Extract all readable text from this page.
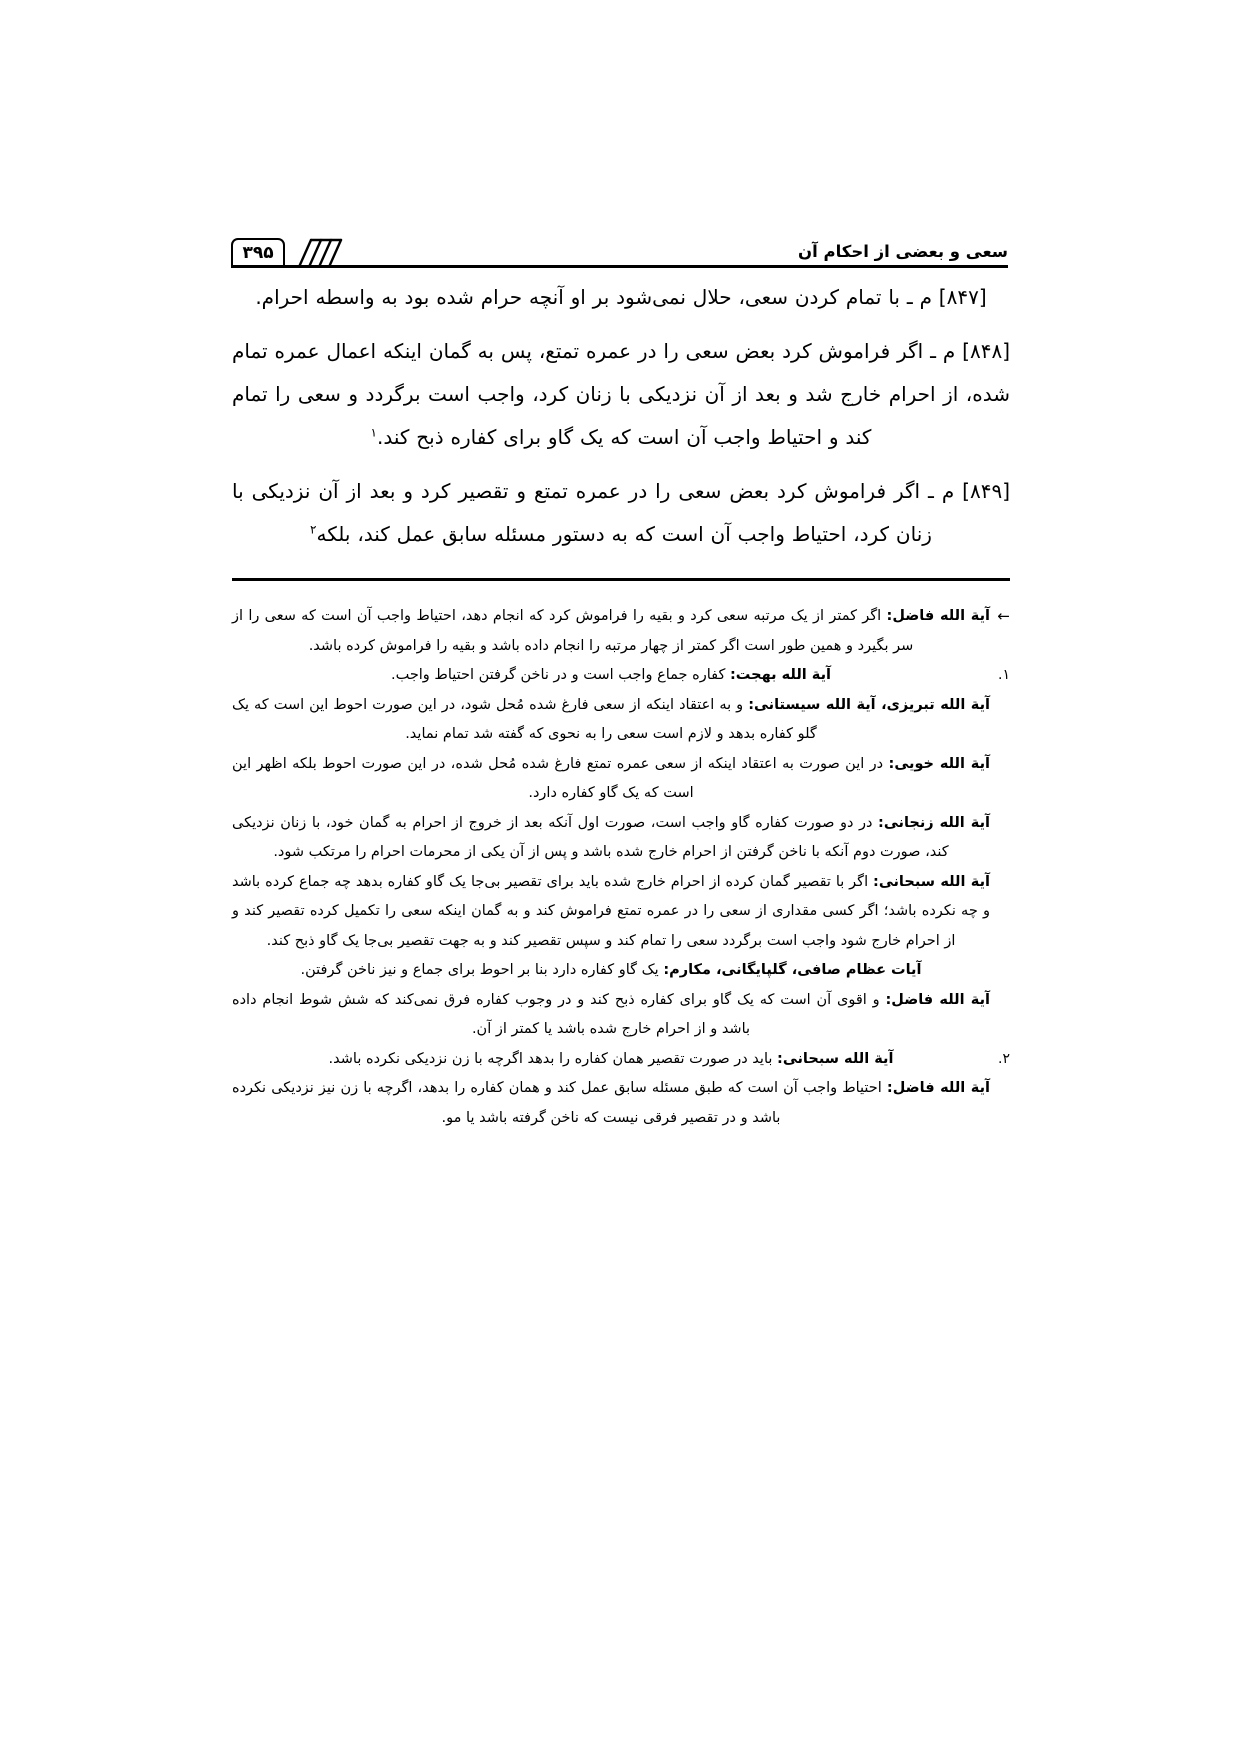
۳۹۵	سعی و بعضی از احکام آن

[۸۴۷] م ـ با تمام کردن سعی، حلال نمی‌شود بر او آنچه حرام شده بود به واسطه احرام.

[۸۴۸] م ـ اگر فراموش کرد بعض سعی را در عمره تمتع، پس به گمان اینکه اعمال عمره تمام شده، از احرام خارج شد و بعد از آن نزدیکی با زنان کرد، واجب است برگردد و سعی را تمام کند و احتیاط واجب آن است که یک گاو برای کفاره ذبح کند.$^۱$

[۸۴۹] م ـ اگر فراموش کرد بعض سعی را در عمره تمتع و تقصیر کرد و بعد از آن نزدیکی با زنان کرد، احتیاط واجب آن است که به دستور مسئله سابق عمل کند، بلکه$^۲$

←
آیة الله فاضل: اگر کمتر از یک مرتبه سعی کرد و بقیه را فراموش کرد که انجام دهد، احتیاط واجب آن است که سعی را از سر بگیرد و همین طور است اگر کمتر از چهار مرتبه را انجام داده باشد و بقیه را فراموش کرده باشد.
۱.
آیة الله بهجت: کفاره جماع واجب است و در ناخن گرفتن احتیاط واجب.
آیة الله تبریزی، آیة الله سیستانی: و به اعتقاد اینکه از سعی فارغ شده مُحل شود، در این صورت احوط این است که یک گلو کفاره بدهد و لازم است سعی را به نحوی که گفته شد تمام نماید.
آیة الله خویی: در این صورت به اعتقاد اینکه از سعی عمره تمتع فارغ شده مُحل شده، در این صورت احوط بلکه اظهر این است که یک گاو کفاره دارد.
آیة الله زنجانی: در دو صورت کفاره گاو واجب است، صورت اول آنکه بعد از خروج از احرام به گمان خود، با زنان نزدیکی کند، صورت دوم آنکه با ناخن گرفتن از احرام خارج شده باشد و پس از آن یکی از محرمات احرام را مرتکب شود.
آیة الله سبحانی: اگر با تقصیر گمان کرده از احرام خارج شده باید برای تقصیر بی‌جا یک گاو کفاره بدهد چه جماع کرده باشد و چه نکرده باشد؛ اگر کسی مقداری از سعی را در عمره تمتع فراموش کند و به گمان اینکه سعی را تکمیل کرده تقصیر کند و از احرام خارج شود واجب است برگردد سعی را تمام کند و سپس تقصیر کند و به جهت تقصیر بی‌جا یک گاو ذبح کند.
آیات عظام صافی، گلپایگانی، مکارم: یک گاو کفاره دارد بنا بر احوط برای جماع و نیز ناخن گرفتن.
آیة الله فاضل: و اقوی آن است که یک گاو برای کفاره ذبح کند و در وجوب کفاره فرق نمی‌کند که شش شوط انجام داده باشد و از احرام خارج شده باشد یا کمتر از آن.
۲.
آیة الله سبحانی: باید در صورت تقصیر همان کفاره را بدهد اگرچه با زن نزدیکی نکرده باشد.
آیة الله فاضل: احتیاط واجب آن است که طبق مسئله سابق عمل کند و همان کفاره را بدهد، اگرچه با زن نیز نزدیکی نکرده باشد و در تقصیر فرقی نیست که ناخن گرفته باشد یا مو.
